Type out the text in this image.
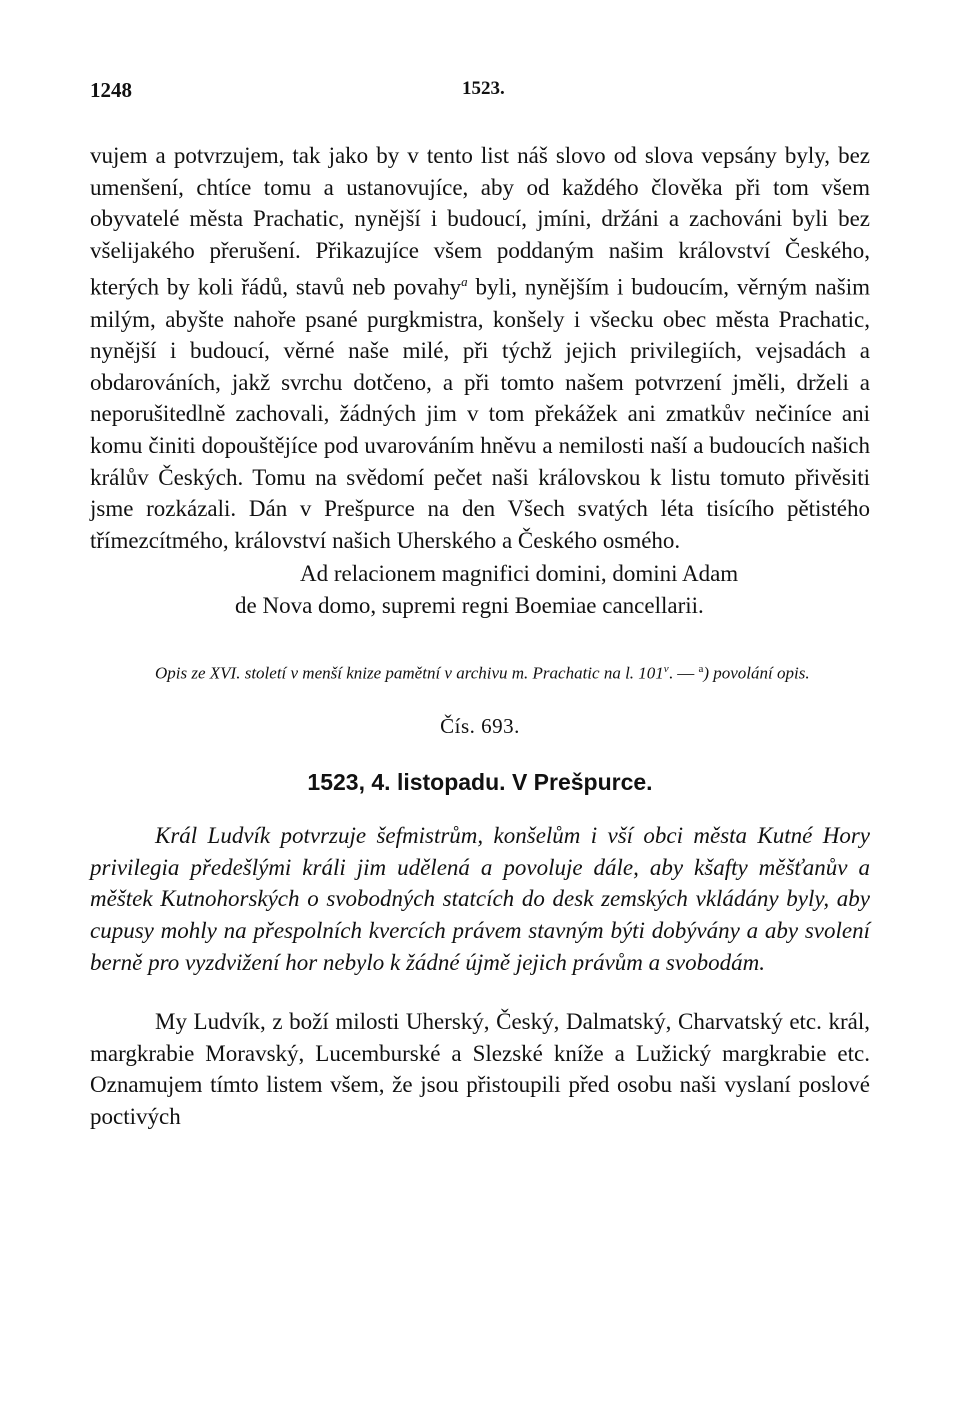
1248	1523.

vujem a potvrzujem, tak jako by v tento list náš slovo od slova vepsány byly, bez umenšení, chtíce tomu a ustanovujíce, aby od každého člověka při tom všem obyvatelé města Prachatic, nynější i budoucí, jmíni, držáni a zachováni byli bez všelijakého přerušení. Přikazujíce všem poddaným našim království Českého, kterých by koli řádů, stavů neb povahy$^a$ byli, nynějším i budoucím, věrným našim milým, abyšte nahoře psané purgkmistra, konšely i všecku obec města Prachatic, nynější i budoucí, věrné naše milé, při týchž jejich privilegiích, vejsadách a obdarováních, jakž svrchu dotčeno, a při tomto našem potvrzení jměli, drželi a neporušitedlně zachovali, žádných jim v tom překážek ani zmatkův nečiníce ani komu činiti dopouštějíce pod uvarováním hněvu a nemilosti naší a budoucích našich králův Českých. Tomu na svědomí pečet naši královskou k listu tomuto přivěsiti jsme rozkázali. Dán v Prešpurce na den Všech svatých léta tisícího pětistého třímezcítmého, království našich Uherského a Českého osmého.

Ad relacionem magnifici domini, domini Adam
de Nova domo, supremi regni Boemiae cancellarii.

Opis ze XVI. století v menší knize pamětní v archivu m. Prachatic na l. 101$^v$. — $^a$) povolání opis.

Čís. 693.

1523, 4. listopadu. V Prešpurce.

Král Ludvík potvrzuje šefmistrům, konšelům i vší obci města Kutné Hory privilegia předešlými králi jim udělená a povoluje dále, aby kšafty měšťanův a měštek Kutnohorských o svobodných statcích do desk zemských vkládány byly, aby cupusy mohly na přespolních kvercích právem stavným býti dobývány a aby svolení berně pro vyzdvižení hor nebylo k žádné újmě jejich právům a svobodám.

My Ludvík, z boží milosti Uherský, Český, Dalmatský, Charvatský etc. král, margkrabie Moravský, Lucemburské a Slezské kníže a Lužický margkrabie etc. Oznamujem tímto listem všem, že jsou přistoupili před osobu naši vyslaní poslové poctivých
